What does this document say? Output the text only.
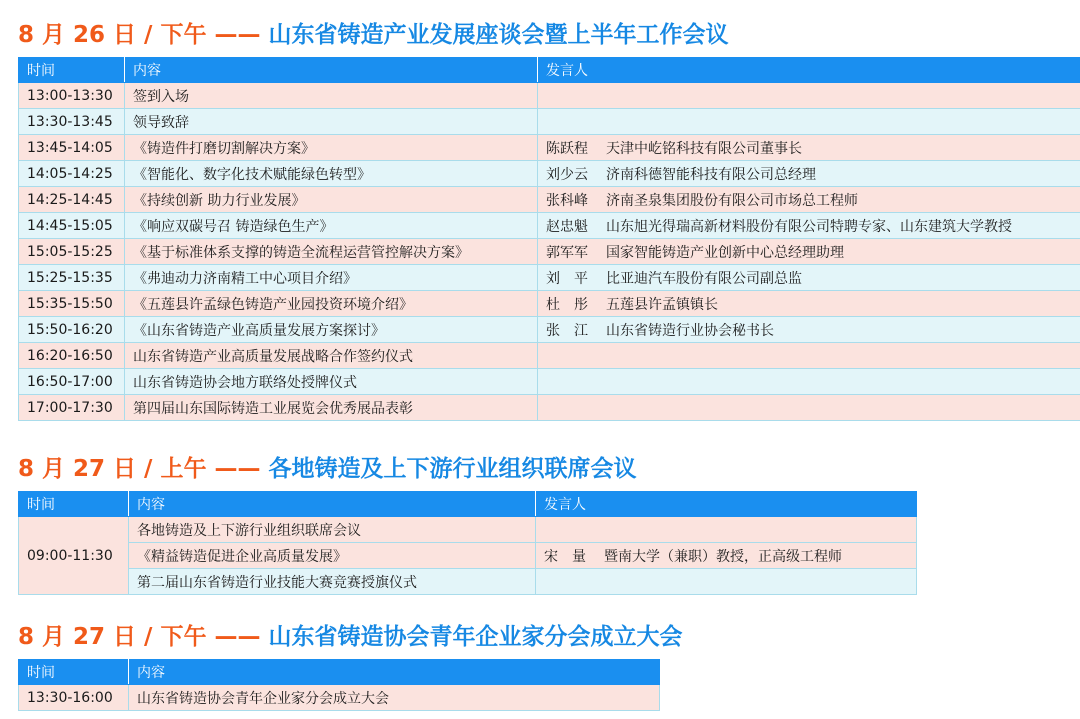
8 月 26 日 / 下午 —— 山东省铸造产业发展座谈会暨上半年工作会议
时间	内容	发言人
13:00-13:30	签到入场	
13:30-13:45	领导致辞	
13:45-14:05	《铸造件打磨切割解决方案》	陈跃程 天津中屹铭科技有限公司董事长
14:05-14:25	《智能化、数字化技术赋能绿色转型》	刘少云 济南科德智能科技有限公司总经理
14:25-14:45	《持续创新 助力行业发展》	张科峰 济南圣泉集团股份有限公司市场总工程师
14:45-15:05	《响应双碳号召 铸造绿色生产》	赵忠魁 山东旭光得瑞高新材料股份有限公司特聘专家、山东建筑大学教授
15:05-15:25	《基于标准体系支撑的铸造全流程运营管控解决方案》	郭军军 国家智能铸造产业创新中心总经理助理
15:25-15:35	《弗迪动力济南精工中心项目介绍》	刘　平 比亚迪汽车股份有限公司副总监
15:35-15:50	《五莲县许孟绿色铸造产业园投资环境介绍》	杜　彤 五莲县许孟镇镇长
15:50-16:20	《山东省铸造产业高质量发展方案探讨》	张　江 山东省铸造行业协会秘书长
16:20-16:50	山东省铸造产业高质量发展战略合作签约仪式	
16:50-17:00	山东省铸造协会地方联络处授牌仪式	
17:00-17:30	第四届山东国际铸造工业展览会优秀展品表彰	
8 月 27 日 / 上午 —— 各地铸造及上下游行业组织联席会议
时间	内容	发言人
09:00-11:30	各地铸造及上下游行业组织联席会议	
	《精益铸造促进企业高质量发展》	宋　量 暨南大学（兼职）教授，正高级工程师
	第二届山东省铸造行业技能大赛竞赛授旗仪式	
8 月 27 日 / 下午 —— 山东省铸造协会青年企业家分会成立大会
时间	内容
13:30-16:00	山东省铸造协会青年企业家分会成立大会
